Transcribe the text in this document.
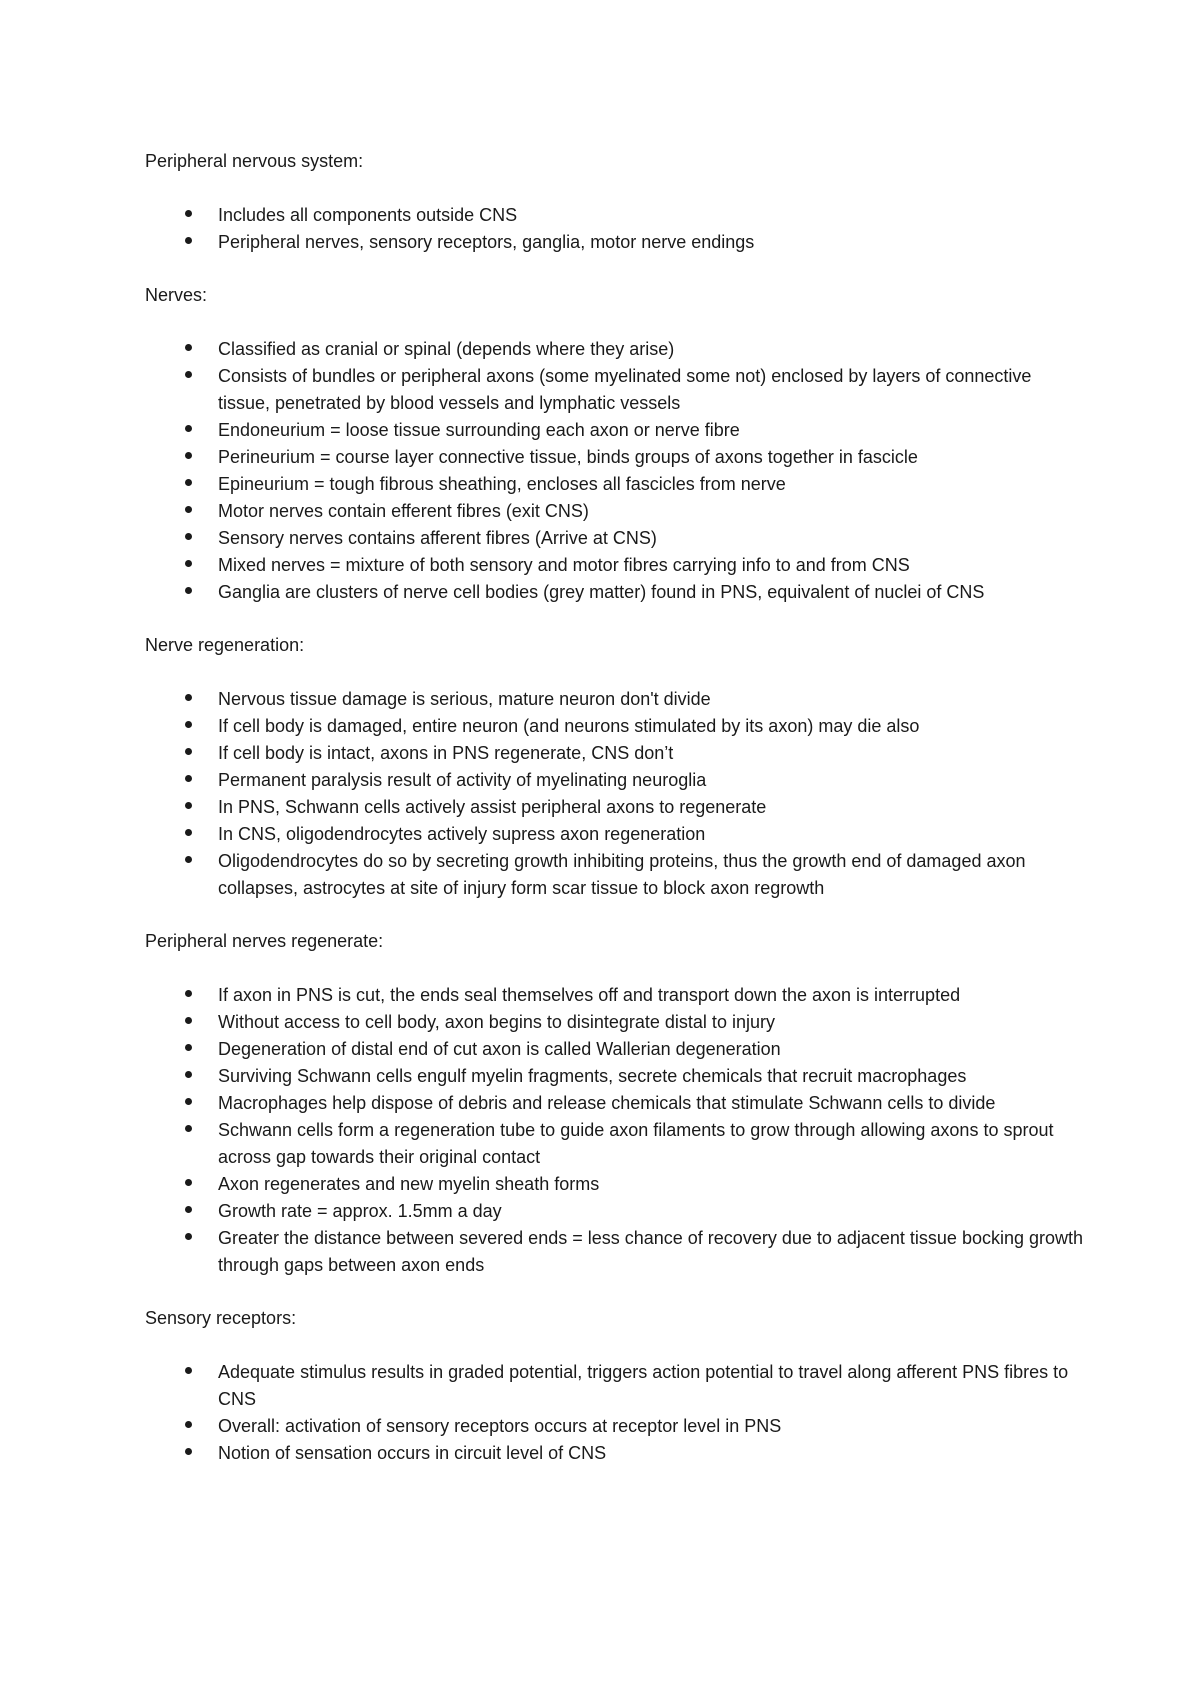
Peripheral nervous system:
Includes all components outside CNS
Peripheral nerves, sensory receptors, ganglia, motor nerve endings
Nerves:
Classified as cranial or spinal (depends where they arise)
Consists of bundles or peripheral axons (some myelinated some not) enclosed by layers of connective tissue, penetrated by blood vessels and lymphatic vessels
Endoneurium = loose tissue surrounding each axon or nerve fibre
Perineurium = course layer connective tissue, binds groups of axons together in fascicle
Epineurium = tough fibrous sheathing, encloses all fascicles from nerve
Motor nerves contain efferent fibres (exit CNS)
Sensory nerves contains afferent fibres (Arrive at CNS)
Mixed nerves = mixture of both sensory and motor fibres carrying info to and from CNS
Ganglia are clusters of nerve cell bodies (grey matter) found in PNS, equivalent of nuclei of CNS
Nerve regeneration:
Nervous tissue damage is serious, mature neuron don't divide
If cell body is damaged, entire neuron (and neurons stimulated by its axon) may die also
If cell body is intact, axons in PNS regenerate, CNS don’t
Permanent paralysis result of activity of myelinating neuroglia
In PNS, Schwann cells actively assist peripheral axons to regenerate
In CNS, oligodendrocytes actively supress axon regeneration
Oligodendrocytes do so by secreting growth inhibiting proteins, thus the growth end of damaged axon collapses, astrocytes at site of injury form scar tissue to block axon regrowth
Peripheral nerves regenerate:
If axon in PNS is cut, the ends seal themselves off and transport down the axon is interrupted
Without access to cell body, axon begins to disintegrate distal to injury
Degeneration of distal end of cut axon is called Wallerian degeneration
Surviving Schwann cells engulf myelin fragments, secrete chemicals that recruit macrophages
Macrophages help dispose of debris and release chemicals that stimulate Schwann cells to divide
Schwann cells form a regeneration tube to guide axon filaments to grow through allowing axons to sprout across gap towards their original contact
Axon regenerates and new myelin sheath forms
Growth rate = approx. 1.5mm a day
Greater the distance between severed ends = less chance of recovery due to adjacent tissue bocking growth through gaps between axon ends
Sensory receptors:
Adequate stimulus results in graded potential, triggers action potential to travel along afferent PNS fibres to CNS
Overall: activation of sensory receptors occurs at receptor level in PNS
Notion of sensation occurs in circuit level of CNS
